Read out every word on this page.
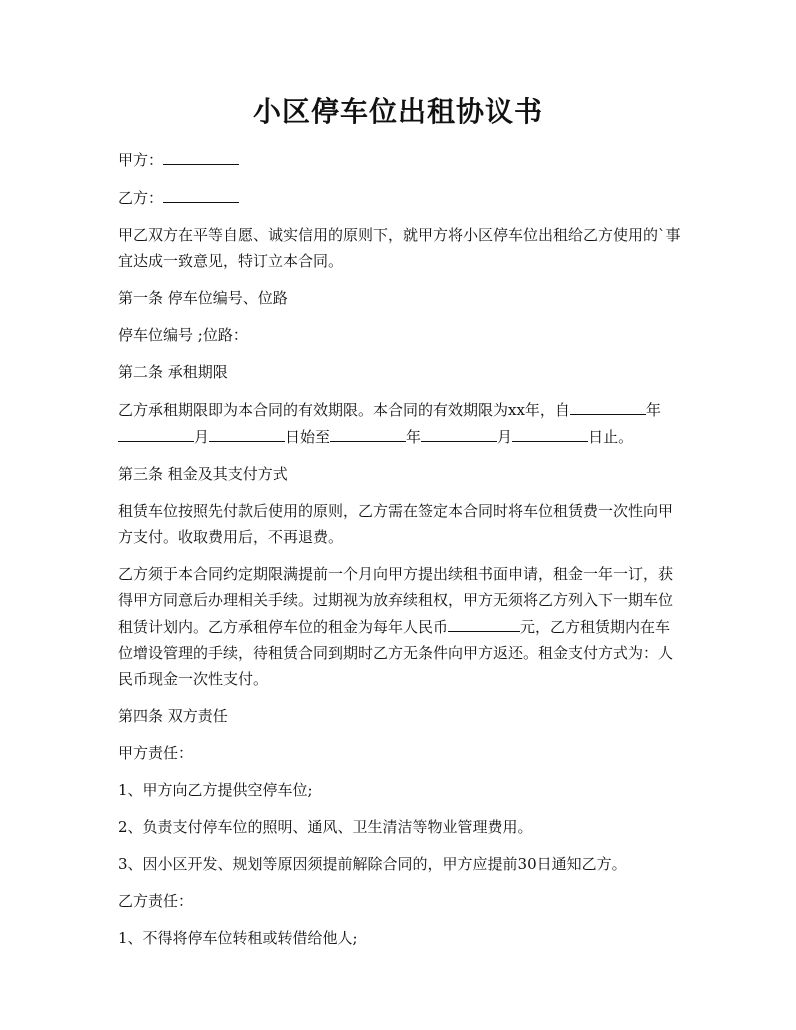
小区停车位出租协议书

甲方：

乙方：

甲乙双方在平等自愿、诚实信用的原则下，就甲方将小区停车位出租给乙方使用的`事宜达成一致意见，特订立本合同。

第一条 停车位编号、位路

停车位编号 ;位路：

第二条 承租期限

乙方承租期限即为本合同的有效期限。本合同的有效期限为xx年，自	年月	日始至	年	月	日止。

第三条 租金及其支付方式

租赁车位按照先付款后使用的原则，乙方需在签定本合同时将车位租赁费一次性向甲方支付。收取费用后，不再退费。

乙方须于本合同约定期限满提前一个月向甲方提出续租书面申请，租金一年一订，获得甲方同意后办理相关手续。过期视为放弃续租权，甲方无须将乙方列入下一期车位租赁计划内。乙方承租停车位的租金为每年人民币	元，乙方租赁期内在车位增设管理的手续，待租赁合同到期时乙方无条件向甲方返还。租金支付方式为：人民币现金一次性支付。

第四条 双方责任

甲方责任：

1、甲方向乙方提供空停车位;

2、负责支付停车位的照明、通风、卫生清洁等物业管理费用。

3、因小区开发、规划等原因须提前解除合同的，甲方应提前30日通知乙方。

乙方责任：

1、不得将停车位转租或转借给他人;
